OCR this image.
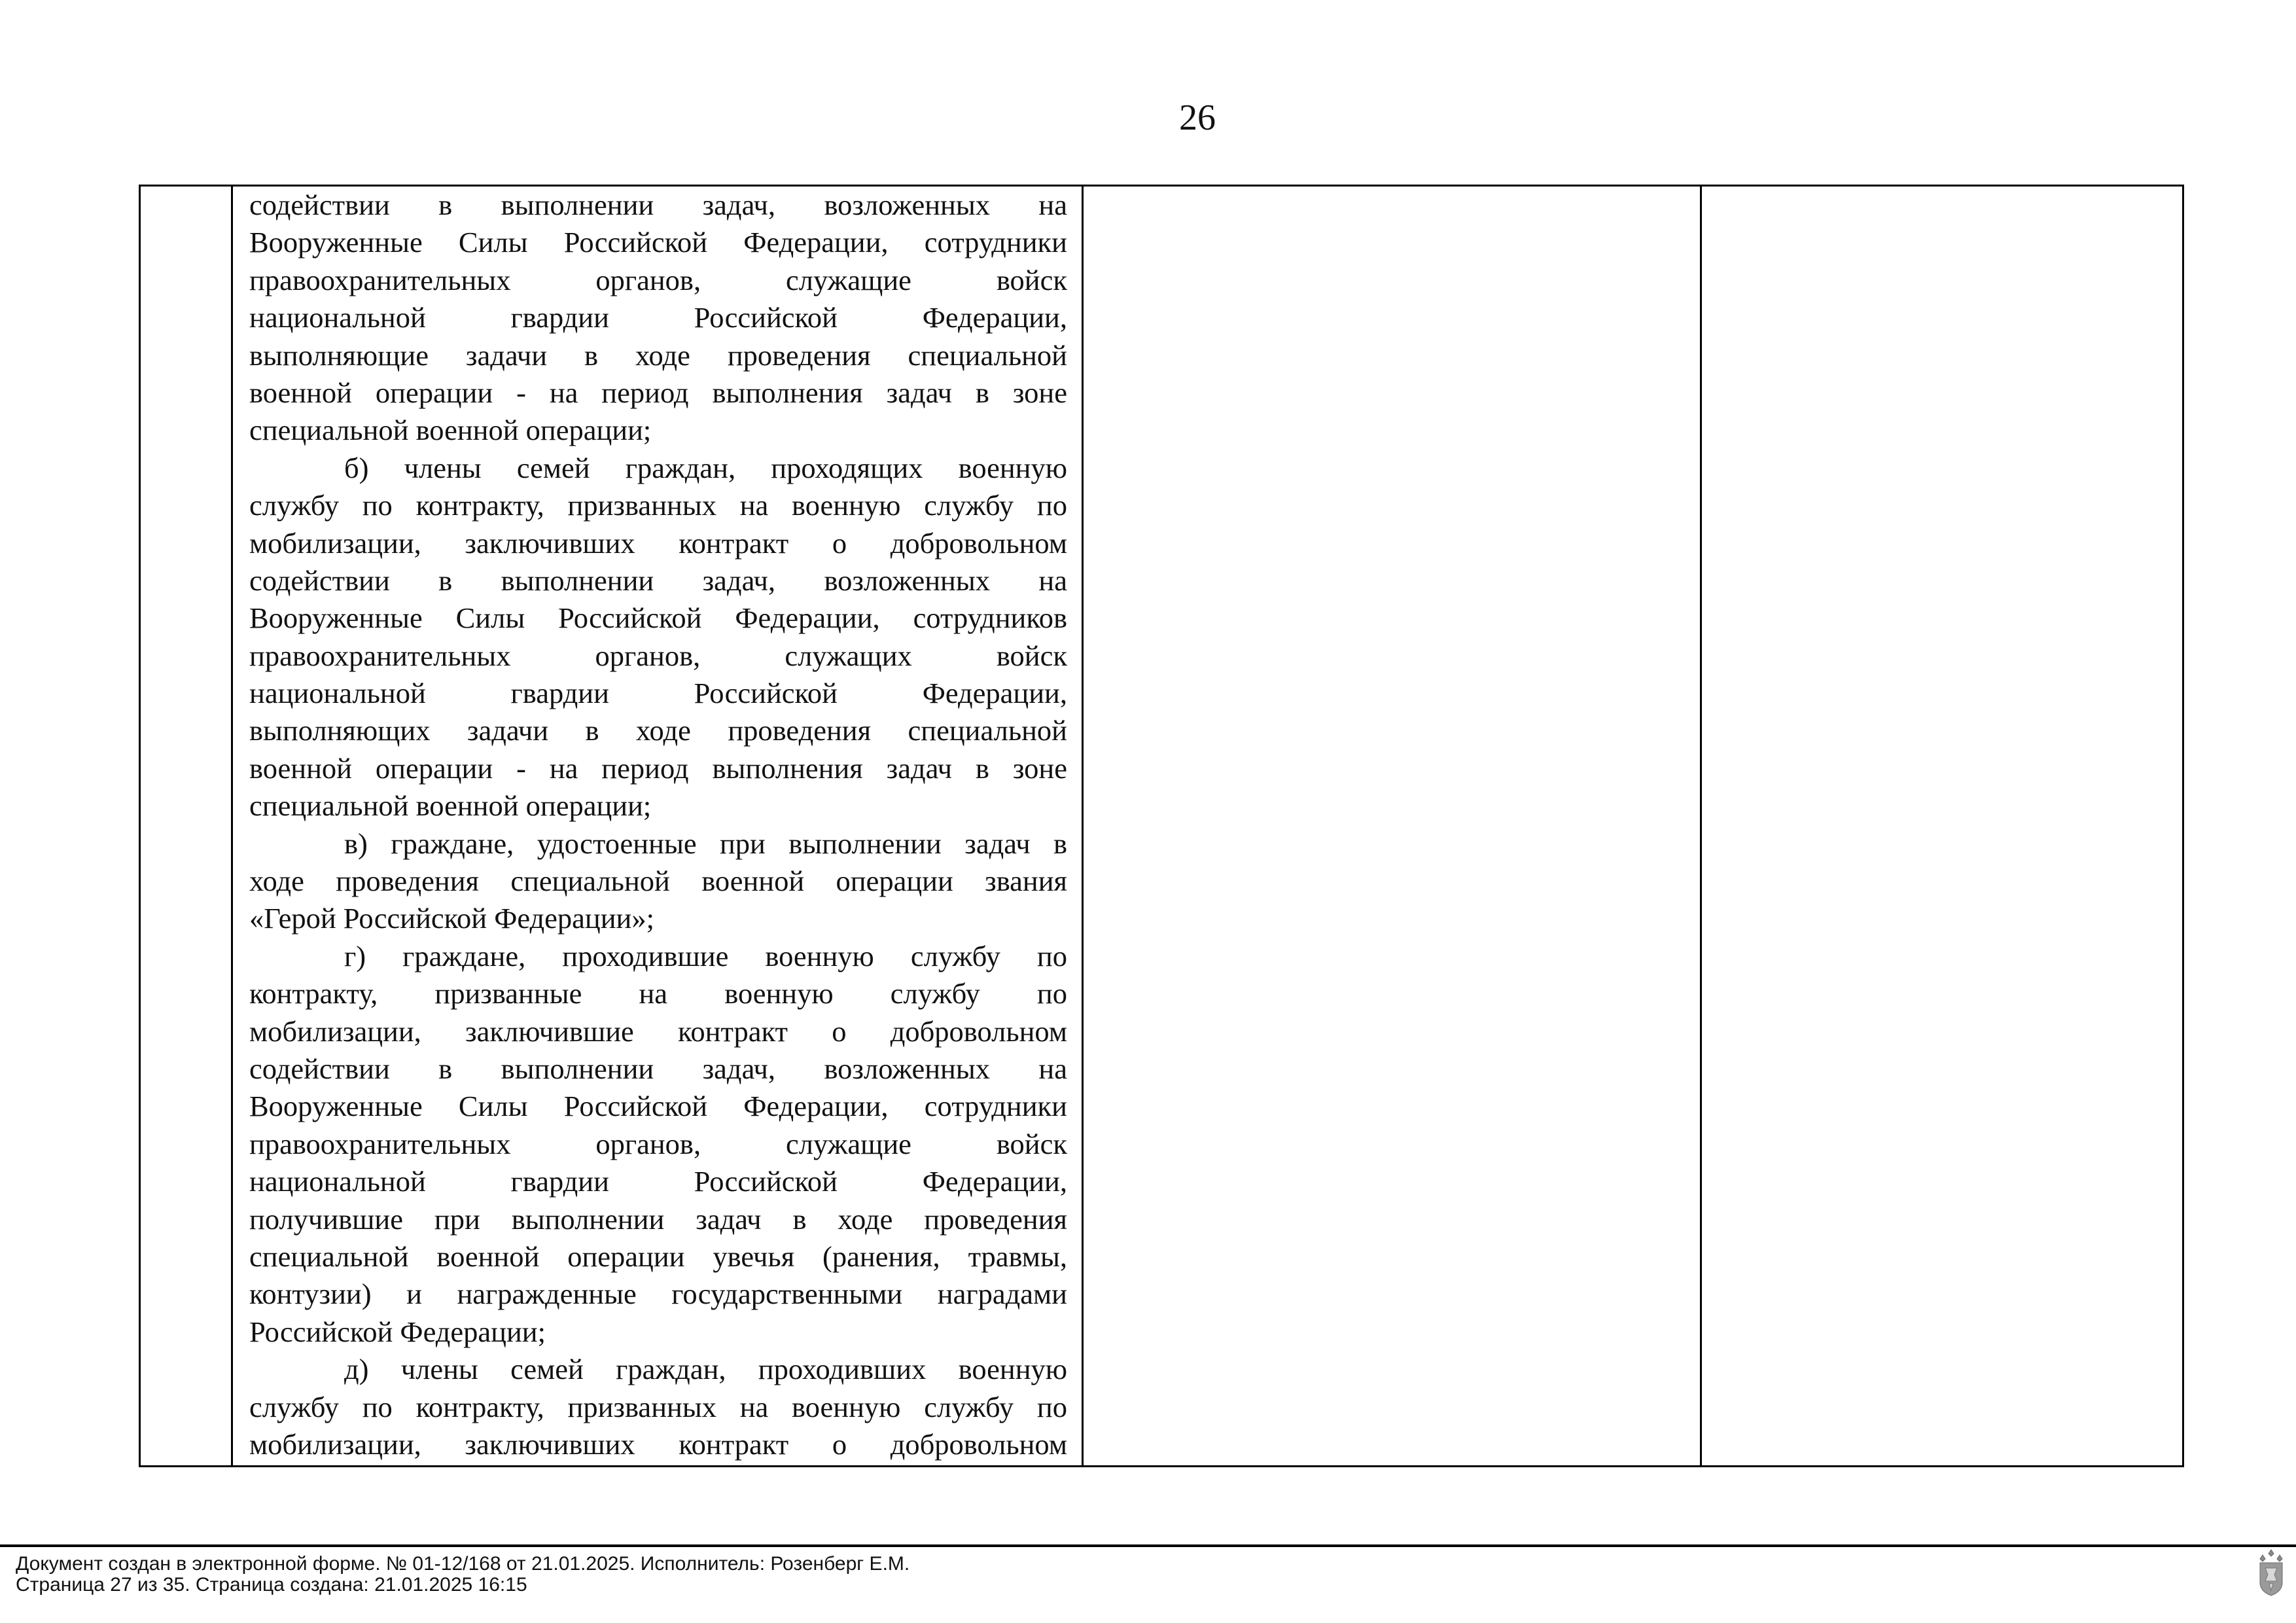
26
содействии в выполнении задач, возложенных на
Вооруженные Силы Российской Федерации, сотрудники
правоохранительных органов, служащие войск
национальной гвардии Российской Федерации,
выполняющие задачи в ходе проведения специальной
военной операции - на период выполнения задач в зоне
специальной военной операции;
б) члены семей граждан, проходящих военную
службу по контракту, призванных на военную службу по
мобилизации, заключивших контракт о добровольном
содействии в выполнении задач, возложенных на
Вооруженные Силы Российской Федерации, сотрудников
правоохранительных органов, служащих войск
национальной гвардии Российской Федерации,
выполняющих задачи в ходе проведения специальной
военной операции - на период выполнения задач в зоне
специальной военной операции;
в) граждане, удостоенные при выполнении задач в
ходе проведения специальной военной операции звания
«Герой Российской Федерации»;
г) граждане, проходившие военную службу по
контракту, призванные на военную службу по
мобилизации, заключившие контракт о добровольном
содействии в выполнении задач, возложенных на
Вооруженные Силы Российской Федерации, сотрудники
правоохранительных органов, служащие войск
национальной гвардии Российской Федерации,
получившие при выполнении задач в ходе проведения
специальной военной операции увечья (ранения, травмы,
контузии) и награжденные государственными наградами
Российской Федерации;
д) члены семей граждан, проходивших военную
службу по контракту, призванных на военную службу по
мобилизации, заключивших контракт о добровольном
Документ создан в электронной форме. № 01-12/168 от 21.01.2025. Исполнитель: Розенберг Е.М.
Страница 27 из 35. Страница создана: 21.01.2025 16:15
